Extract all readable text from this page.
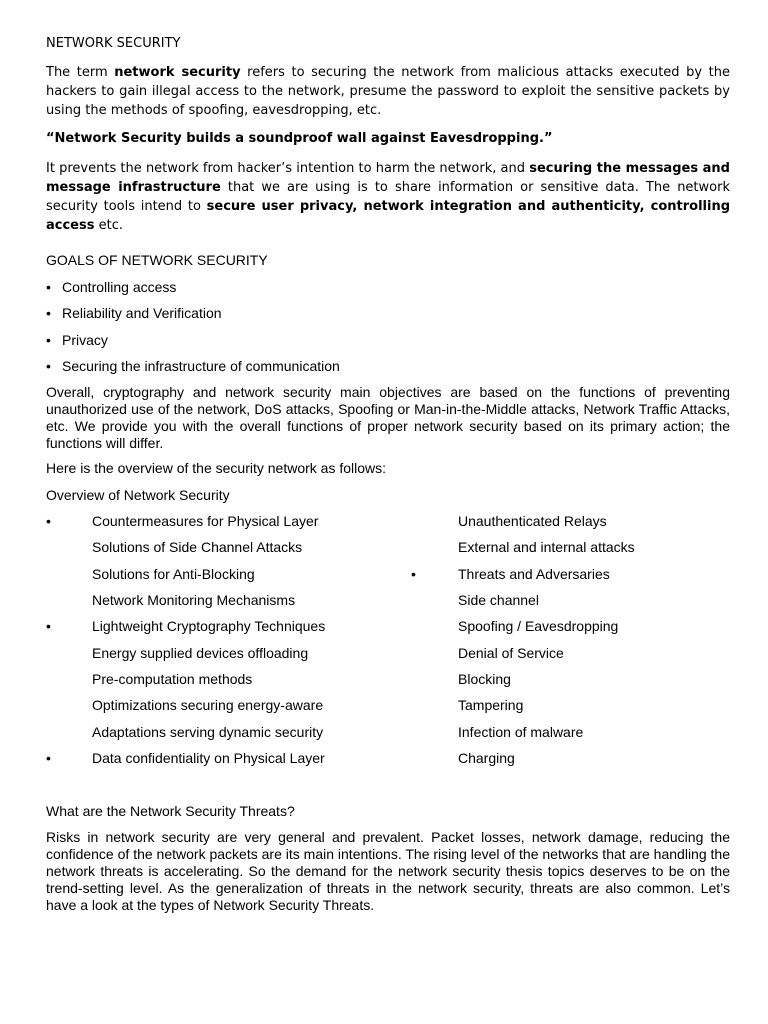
NETWORK SECURITY

The term network security refers to securing the network from malicious attacks executed by the hackers to gain illegal access to the network, presume the password to exploit the sensitive packets by using the methods of spoofing, eavesdropping, etc.

“Network Security builds a soundproof wall against Eavesdropping.”

It prevents the network from hacker’s intention to harm the network, and securing the messages and message infrastructure that we are using is to share information or sensitive data. The network security tools intend to secure user privacy, network integration and authenticity, controlling access etc.

GOALS OF NETWORK SECURITY
• Controlling access
• Reliability and Verification
• Privacy
• Securing the infrastructure of communication

Overall, cryptography and network security main objectives are based on the functions of preventing unauthorized use of the network, DoS attacks, Spoofing or Man-in-the-Middle attacks, Network Traffic Attacks, etc. We provide you with the overall functions of proper network security based on its primary action; the functions will differ.

Here is the overview of the security network as follows:
Overview of Network Security
•	Countermeasures for Physical Layer	Unauthenticated Relays
Solutions of Side Channel Attacks	External and internal attacks
Solutions for Anti-Blocking	•	Threats and Adversaries
Network Monitoring Mechanisms	Side channel
•	Lightweight Cryptography Techniques	Spoofing / Eavesdropping
Energy supplied devices offloading	Denial of Service
Pre-computation methods	Blocking
Optimizations securing energy-aware	Tampering
Adaptations serving dynamic security	Infection of malware
•	Data confidentiality on Physical Layer	Charging
What are the Network Security Threats?

Risks in network security are very general and prevalent. Packet losses, network damage, reducing the confidence of the network packets are its main intentions. The rising level of the networks that are handling the network threats is accelerating. So the demand for the network security thesis topics deserves to be on the trend-setting level. As the generalization of threats in the network security, threats are also common. Let’s have a look at the types of Network Security Threats.
